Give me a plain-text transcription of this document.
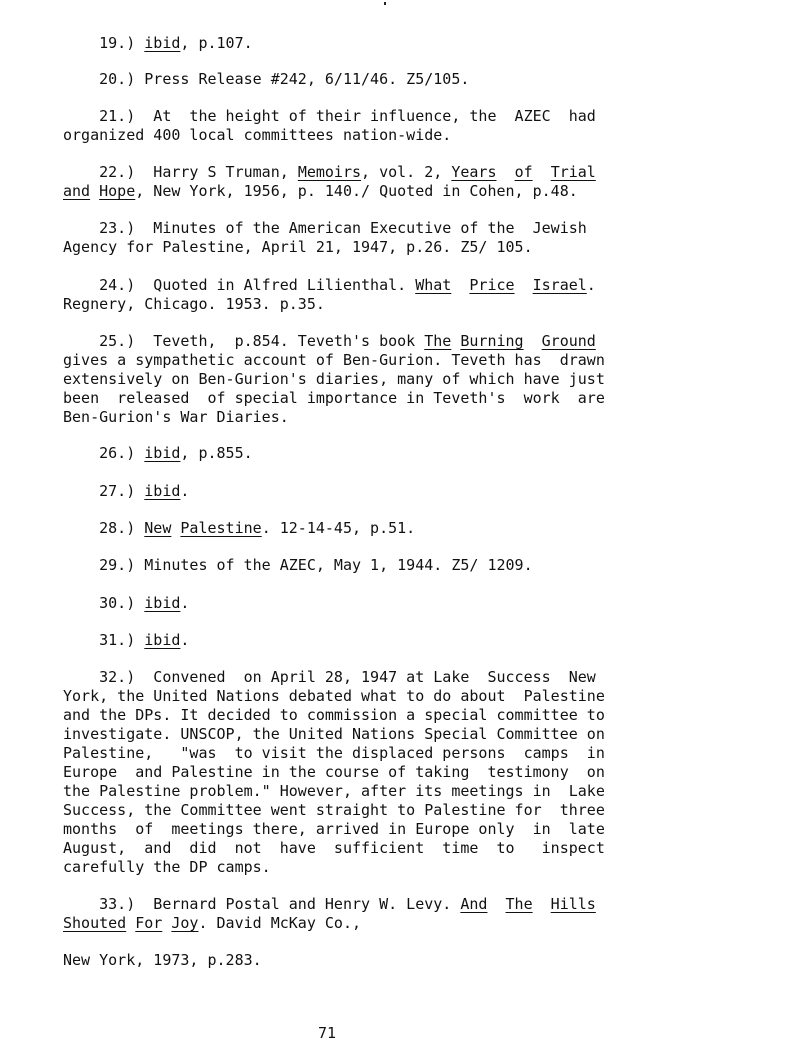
19.) ibid, p.107.
20.) Press Release #242, 6/11/46. Z5/105.
21.)  At  the height of their influence, the  AZEC  had
organized 400 local committees nation-wide.
22.)  Harry S Truman, Memoirs, vol. 2, Years of Trial
and Hope, New York, 1956, p. 140./ Quoted in Cohen, p.48.
23.)  Minutes of the American Executive of the  Jewish
Agency for Palestine, April 21, 1947, p.26. Z5/ 105.
24.)  Quoted in Alfred Lilienthal. What Price Israel.
Regnery, Chicago. 1953. p.35.
25.)  Teveth,  p.854. Teveth's book The Burning Ground
gives a sympathetic account of Ben-Gurion. Teveth has  drawn
extensively on Ben-Gurion's diaries, many of which have just
been  released  of special importance in Teveth's  work  are
Ben-Gurion's War Diaries.
26.) ibid, p.855.
27.) ibid.
28.) New Palestine. 12-14-45, p.51.
29.) Minutes of the AZEC, May 1, 1944. Z5/ 1209.
30.) ibid.
31.) ibid.
32.)  Convened  on April 28, 1947 at Lake  Success  New
York, the United Nations debated what to do about  Palestine
and the DPs. It decided to commission a special committee to
investigate. UNSCOP, the United Nations Special Committee on
Palestine,   "was  to visit the displaced persons  camps  in
Europe  and Palestine in the course of taking  testimony  on
the Palestine problem." However, after its meetings in  Lake
Success, the Committee went straight to Palestine for  three
months  of  meetings there, arrived in Europe only  in  late
August,  and  did  not  have  sufficient  time  to   inspect
carefully the DP camps.
33.)  Bernard Postal and Henry W. Levy. And The Hills
Shouted For Joy. David McKay Co.,
New York, 1973, p.283.
71
